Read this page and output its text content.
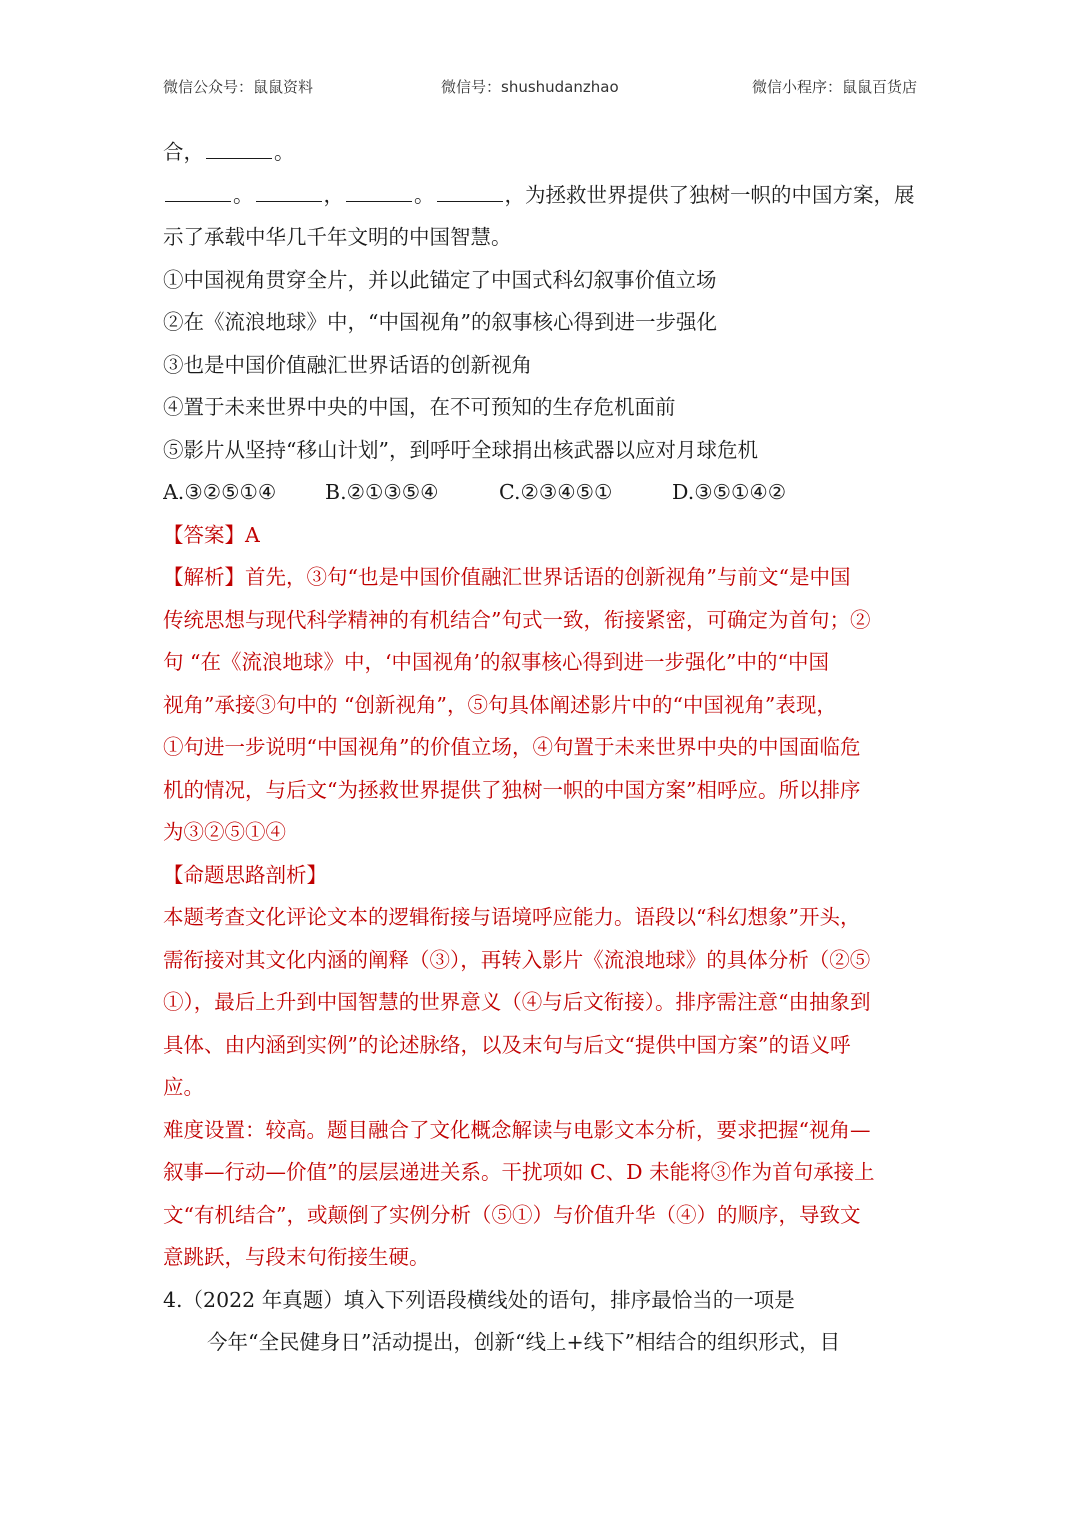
微信公众号：鼠鼠资料	微信号：shushudanzhao	微信小程序：鼠鼠百货店
合，	。
。	，	。	，为拯救世界提供了独树一帜的中国方案，展
示了承载中华几千年文明的中国智慧。
①中国视角贯穿全片，并以此锚定了中国式科幻叙事价值立场
②在《流浪地球》中，“中国视角”的叙事核心得到进一步强化
③也是中国价值融汇世界话语的创新视角
④置于未来世界中央的中国，在不可预知的生存危机面前
⑤影片从坚持“移山计划”，到呼吁全球捐出核武器以应对月球危机
A.③②⑤①④ B.②①③⑤④	C.②③④⑤①	D.③⑤①④②
【答案】A
【解析】首先，③句“也是中国价值融汇世界话语的创新视角”与前文“是中国
传统思想与现代科学精神的有机结合”句式一致，衔接紧密，可确定为首句；②
句 “在《流浪地球》中，‘中国视角’的叙事核心得到进一步强化”中的“中国
视角”承接③句中的 “创新视角”，⑤句具体阐述影片中的“中国视角”表现，
①句进一步说明“中国视角”的价值立场，④句置于未来世界中央的中国面临危
机的情况，与后文“为拯救世界提供了独树一帜的中国方案”相呼应。所以排序
为③②⑤①④
【命题思路剖析】
本题考查文化评论文本的逻辑衔接与语境呼应能力。语段以“科幻想象”开头，
需衔接对其文化内涵的阐释（③），再转入影片《流浪地球》的具体分析（②⑤
①），最后上升到中国智慧的世界意义（④与后文衔接）。排序需注意“由抽象到
具体、由内涵到实例”的论述脉络，以及末句与后文“提供中国方案”的语义呼
应。
难度设置：较高。题目融合了文化概念解读与电影文本分析，要求把握“视角—
叙事—行动—价值”的层层递进关系。干扰项如 C、D 未能将③作为首句承接上
文“有机结合”，或颠倒了实例分析（⑤①）与价值升华（④）的顺序，导致文
意跳跃，与段末句衔接生硬。
4.（2022 年真题）填入下列语段横线处的语句，排序最恰当的一项是
今年“全民健身日”活动提出，创新“线上+线下”相结合的组织形式，目
